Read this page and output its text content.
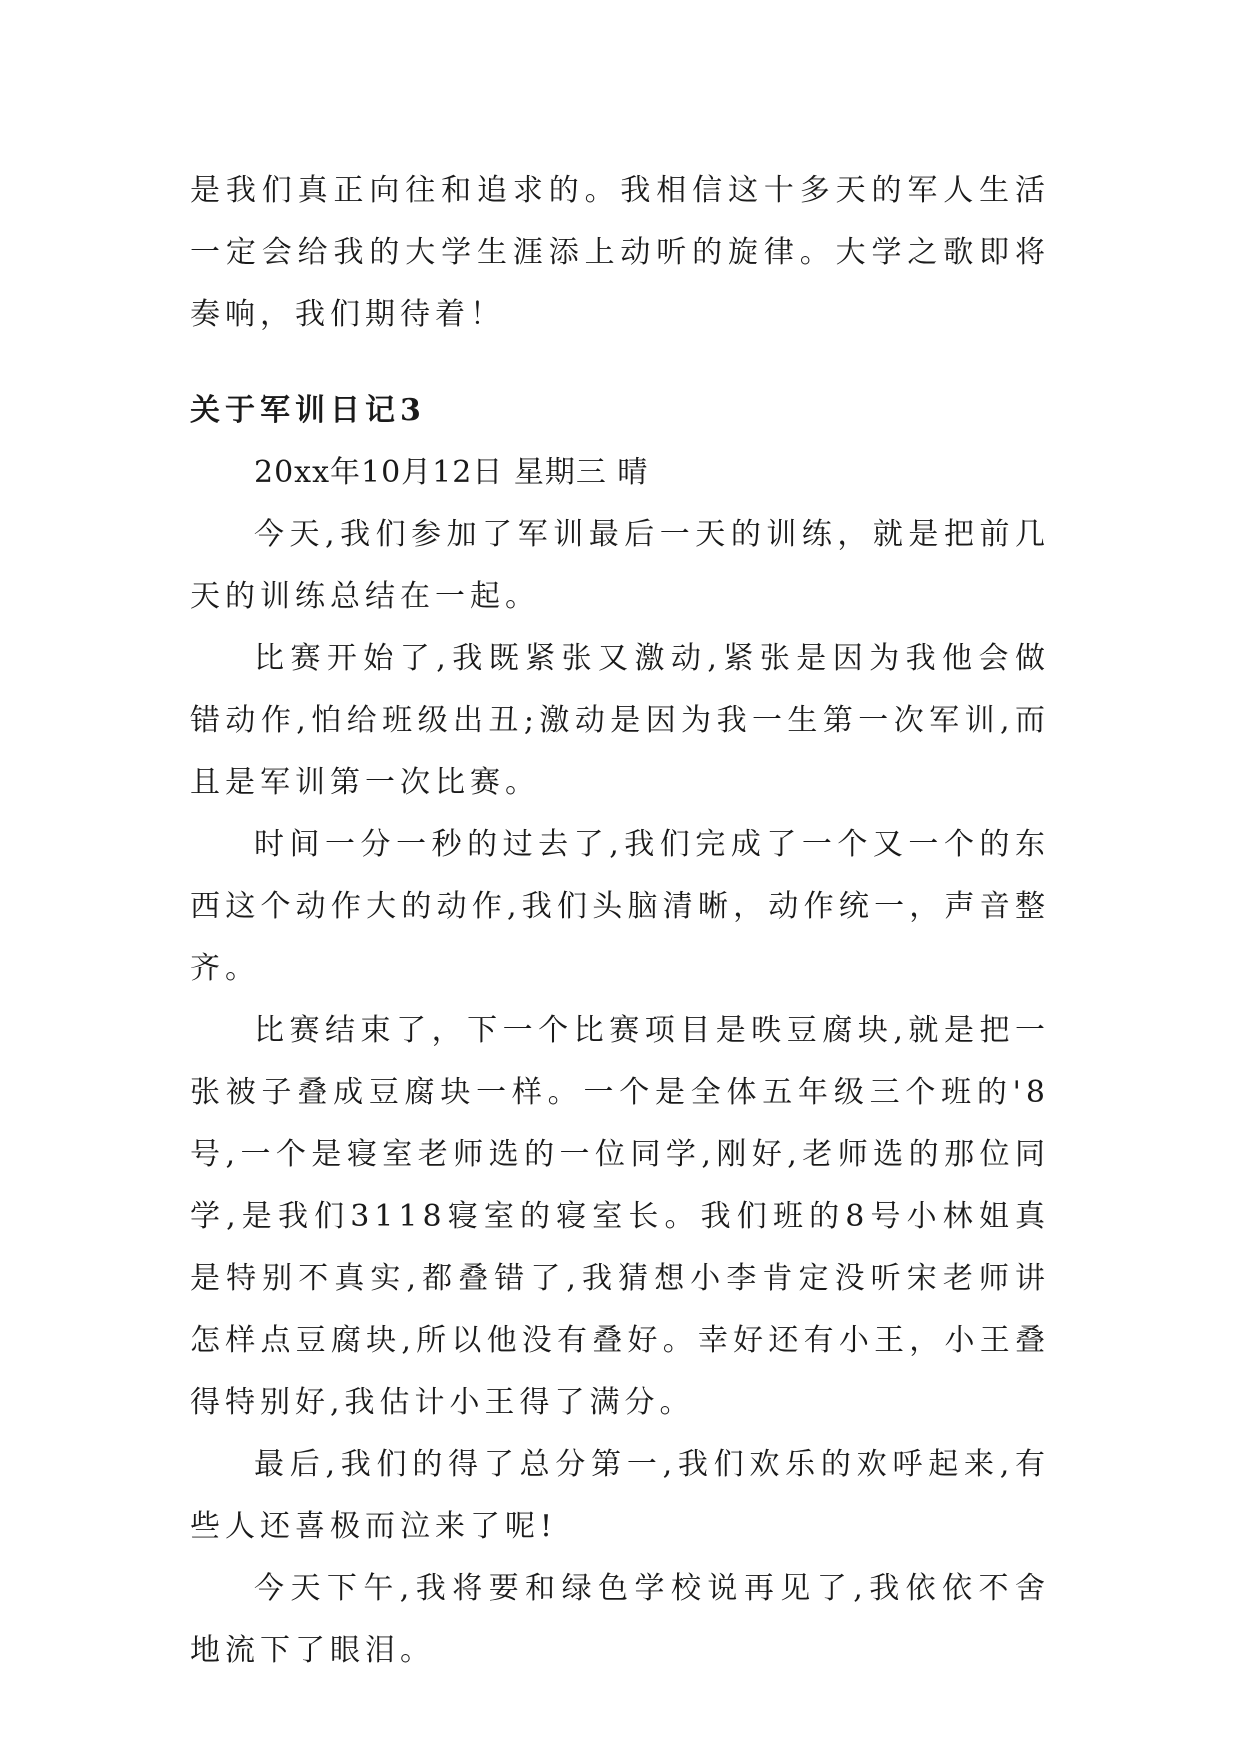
是我们真正向往和追求的。我相信这十多天的军人生活一定会给我的大学生涯添上动听的旋律。大学之歌即将奏响，我们期待着！

关于军训日记3

20xx年10月12日 星期三 晴

今天,我们参加了军训最后一天的训练，就是把前几天的训练总结在一起。

比赛开始了,我既紧张又激动,紧张是因为我他会做错动作,怕给班级出丑;激动是因为我一生第一次军训,而且是军训第一次比赛。

时间一分一秒的过去了,我们完成了一个又一个的东西这个动作大的动作,我们头脑清晰，动作统一，声音整齐。

比赛结束了，下一个比赛项目是昳豆腐块,就是把一张被子叠成豆腐块一样。一个是全体五年级三个班的'8号,一个是寝室老师选的一位同学,刚好,老师选的那位同学,是我们3118寝室的寝室长。我们班的8号小林姐真是特别不真实,都叠错了,我猜想小李肯定没听宋老师讲怎样点豆腐块,所以他没有叠好。幸好还有小王，小王叠得特别好,我估计小王得了满分。

最后,我们的得了总分第一,我们欢乐的欢呼起来,有些人还喜极而泣来了呢!

今天下午,我将要和绿色学校说再见了,我依依不舍地流下了眼泪。
